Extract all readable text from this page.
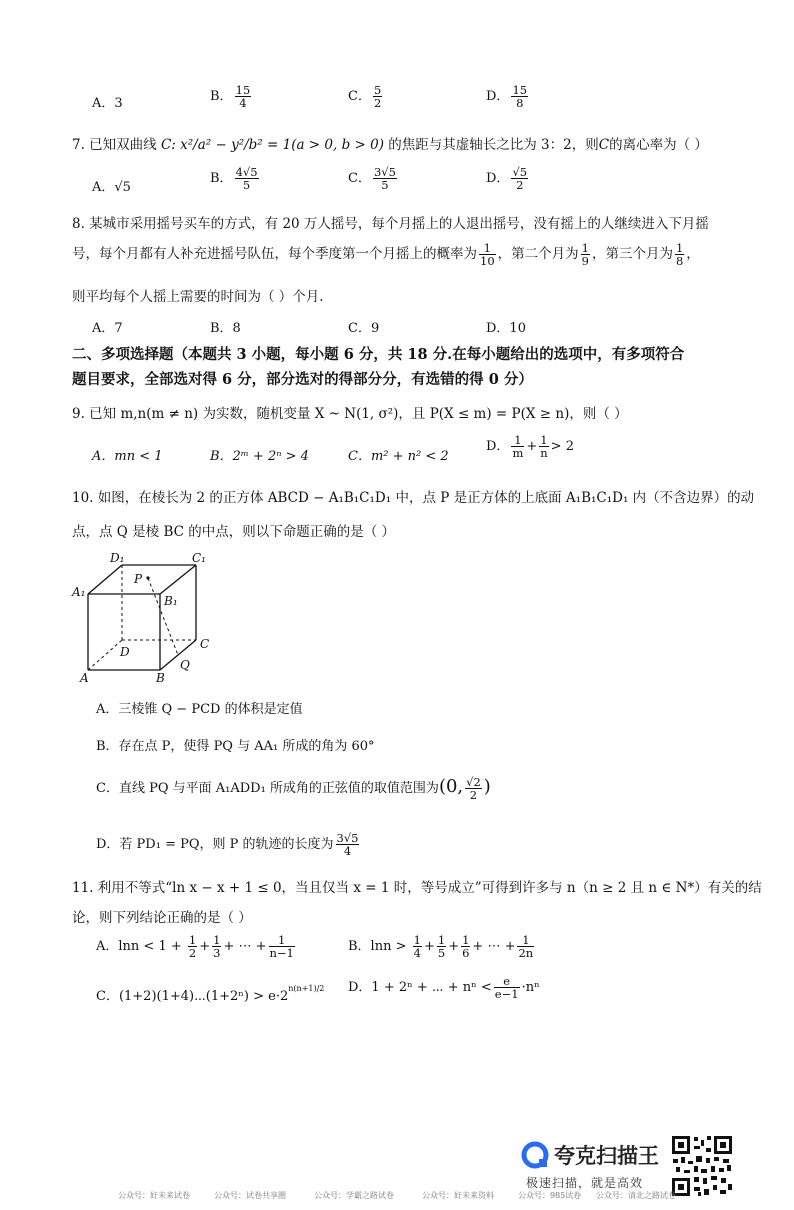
A．3	B． $\frac{15}{4}$	C． $\frac{5}{2}$	D． $\frac{15}{8}$
7. 已知双曲线 C: x²/a² − y²/b² = 1(a > 0, b > 0) 的焦距与其虚轴长之比为 3：2，则C的离心率为（ ）
A．√5
B． $\frac{4√5}{5}$	C． $\frac{3√5}{5}$	D． $\frac{√5}{2}$
8. 某城市采用摇号买车的方式，有 20 万人摇号，每个月摇上的人退出摇号，没有摇上的人继续进入下月摇
号，每个月都有人补充进摇号队伍，每个季度第一个月摇上的概率为 $\frac{1}{10}$ ，第二个月为 $\frac{1}{9}$ ，第三个月为 $\frac{1}{8}$ ，
则平均每个人摇上需要的时间为（ ）个月.
A．7	B．8	C．9	D．10
二、多项选择题（本题共 3 小题，每小题 6 分，共 18 分.在每小题给出的选项中，有多项符合
题目要求，全部选对得 6 分，部分选对的得部分分，有选错的得 0 分）
9. 已知 m,n(m ≠ n) 为实数，随机变量 X ~ N(1, σ²)，且 P(X ≤ m) = P(X ≥ n)，则（ ）
A．mn < 1	B．2ᵐ + 2ⁿ > 4	C．m² + n² < 2
D． $\frac{1}{m} + \frac{1}{n} > 2$
10. 如图，在棱长为 2 的正方体 ABCD − A₁B₁C₁D₁ 中，点 P 是正方体的上底面 A₁B₁C₁D₁ 内（不含边界）的动
点，点 Q 是棱 BC 的中点，则以下命题正确的是（ ）
D₁	C₁
A₁
B₁
P
C
D
Q
A	B
A．三棱锥 Q − PCD 的体积是定值
B．存在点 P，使得 PQ 与 AA₁ 所成的角为 60°
C．直线 PQ 与平面 A₁ADD₁ 所成角的正弦值的取值范围为(0, $\frac{√2}{2}$ )
D．若 PD₁ = PQ，则 P 的轨迹的长度为 $\frac{3√5}{4}$
11. 利用不等式“ln x − x + 1 ≤ 0，当且仅当 x = 1 时，等号成立”可得到许多与 n（n ≥ 2 且 n ∈ N*）有关的结
论，则下列结论正确的是（ ）
A．$\ln n < 1 + \frac{1}{2} + \frac{1}{3}$ + ⋯ + $\frac{1}{n-1}$	B．$\ln n > \frac{1}{4} + \frac{1}{5} + \frac{1}{6}$ + ⋯ + $\frac{1}{2n}$
C．(1+2)(1+4)⋯(1+2ⁿ) > $e\cdot 2^{n(n+1)/2}$ D．1 + 2ⁿ + ⋯ + $n^n < \frac{e}{e-1} \cdot n^n$
夸克扫描王
极速扫描，就是高效
公众号：好未来试卷	公众号：试卷共享圈	公众号：学霸之路试卷	公众号：好未来资料	公众号：985试卷 公众号：清北之路试卷
